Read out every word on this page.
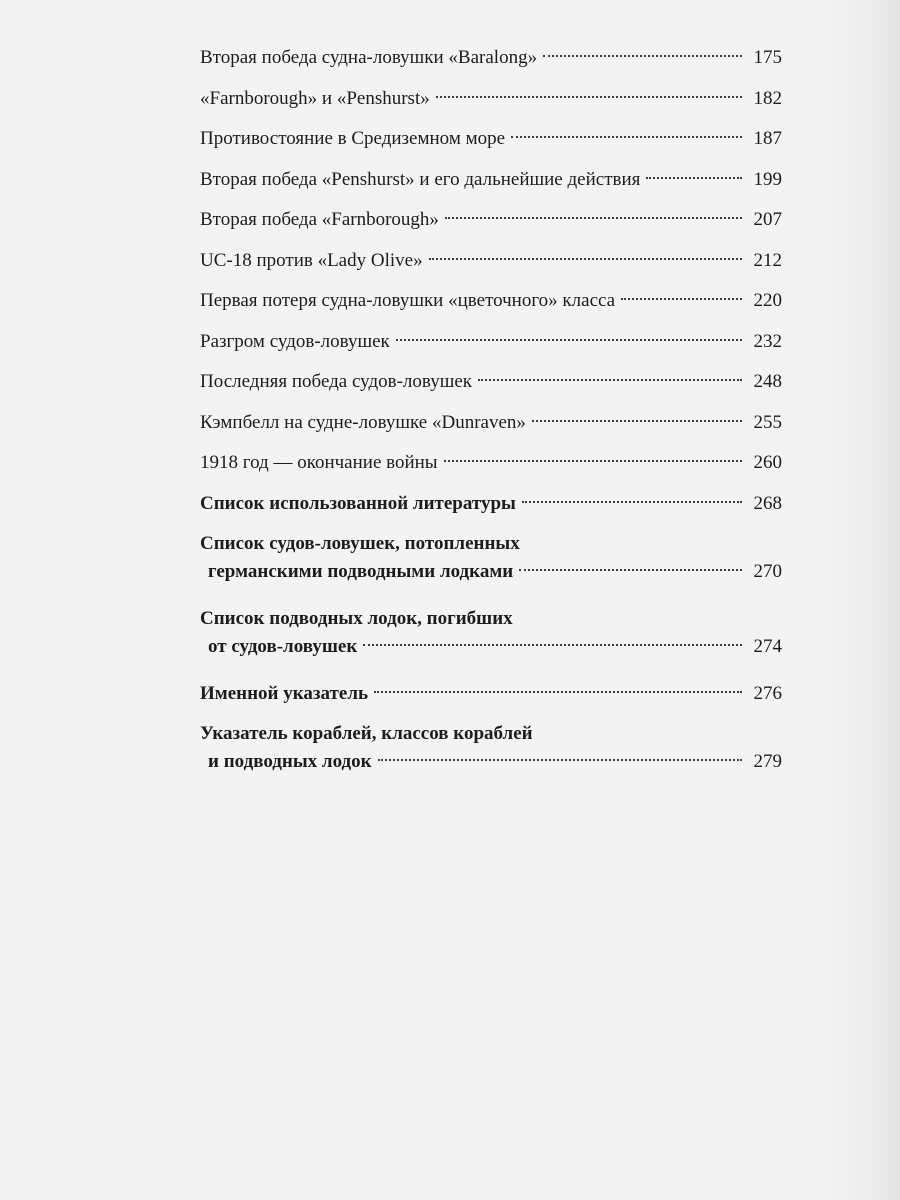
Вторая победа судна-ловушки «Baralong»	175
«Farnborough» и «Penshurst»	182
Противостояние в Средиземном море	187
Вторая победа «Penshurst» и его дальнейшие действия	199
Вторая победа «Farnborough»	207
UC-18 против «Lady Olive»	212
Первая потеря судна-ловушки «цветочного» класса	220
Разгром судов-ловушек	232
Последняя победа судов-ловушек	248
Кэмпбелл на судне-ловушке «Dunraven»	255
1918 год — окончание войны	260
Список использованной литературы	268
Список судов-ловушек, потопленных
германскими подводными лодками	270
Список подводных лодок, погибших
от судов-ловушек	274
Именной указатель	276
Указатель кораблей, классов кораблей
и подводных лодок	279
